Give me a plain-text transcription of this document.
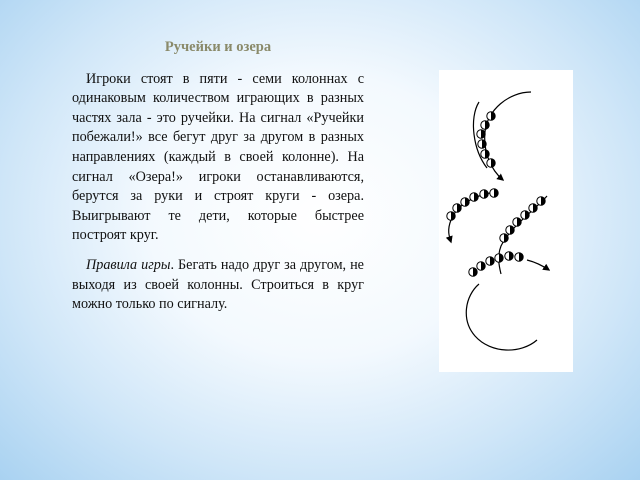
Ручейки и озера

Игроки стоят в пяти - семи колоннах с одинаковым количеством играющих в разных частях зала - это ручейки. На сигнал «Ручейки побежали!» все бегут друг за другом в разных направлениях (каждый в своей колонне). На сигнал «Озера!» игроки останавливаются, берутся за руки и строят круги - озера. Выигрывают те дети, которые быстрее построят круг.

Правила игры. Бегать надо друг за другом, не выходя из своей колонны. Строиться в круг можно только по сигналу.
